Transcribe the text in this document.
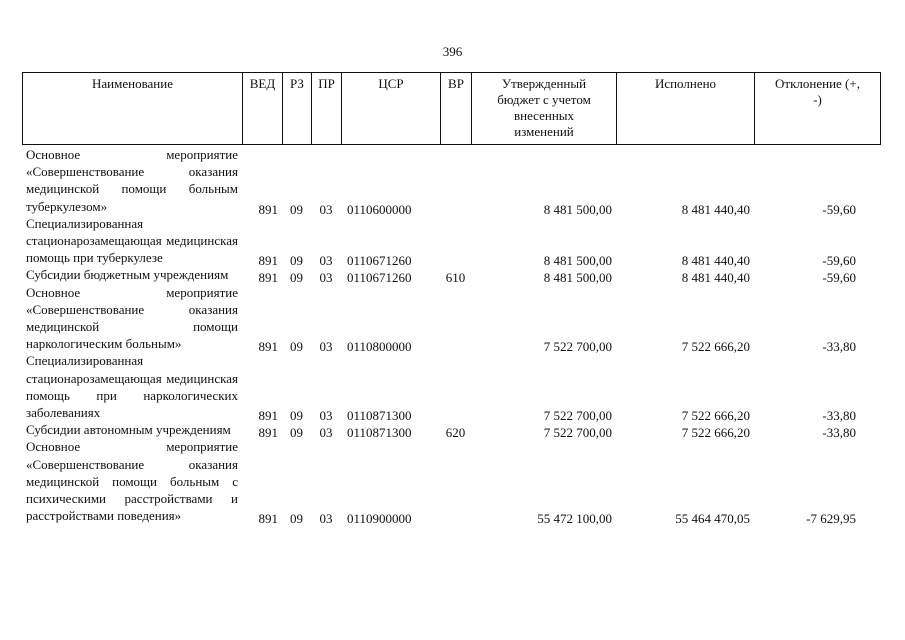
396
Наименование	ВЕД	РЗ	ПР	ЦСР	ВР	Утвержденный бюджет с учетом внесенных изменений	Исполнено	Отклонение (+, -)
Основное мероприятие «Совершенствование оказания медицинской помощи больным туберкулезом»	891	09	03	0110600000		8 481 500,00	8 481 440,40	-59,60
Специализированная стационарозамещающая медицинская помощь при туберкулезе	891	09	03	0110671260		8 481 500,00	8 481 440,40	-59,60
Субсидии бюджетным учреждениям	891	09	03	0110671260	610	8 481 500,00	8 481 440,40	-59,60
Основное мероприятие «Совершенствование оказания медицинской помощи наркологическим больным»	891	09	03	0110800000		7 522 700,00	7 522 666,20	-33,80
Специализированная стационарозамещающая медицинская помощь при наркологических заболеваниях	891	09	03	0110871300		7 522 700,00	7 522 666,20	-33,80
Субсидии автономным учреждениям	891	09	03	0110871300	620	7 522 700,00	7 522 666,20	-33,80
Основное мероприятие «Совершенствование оказания медицинской помощи больным с психическими расстройствами и расстройствами поведения»	891	09	03	0110900000		55 472 100,00	55 464 470,05	-7 629,95
